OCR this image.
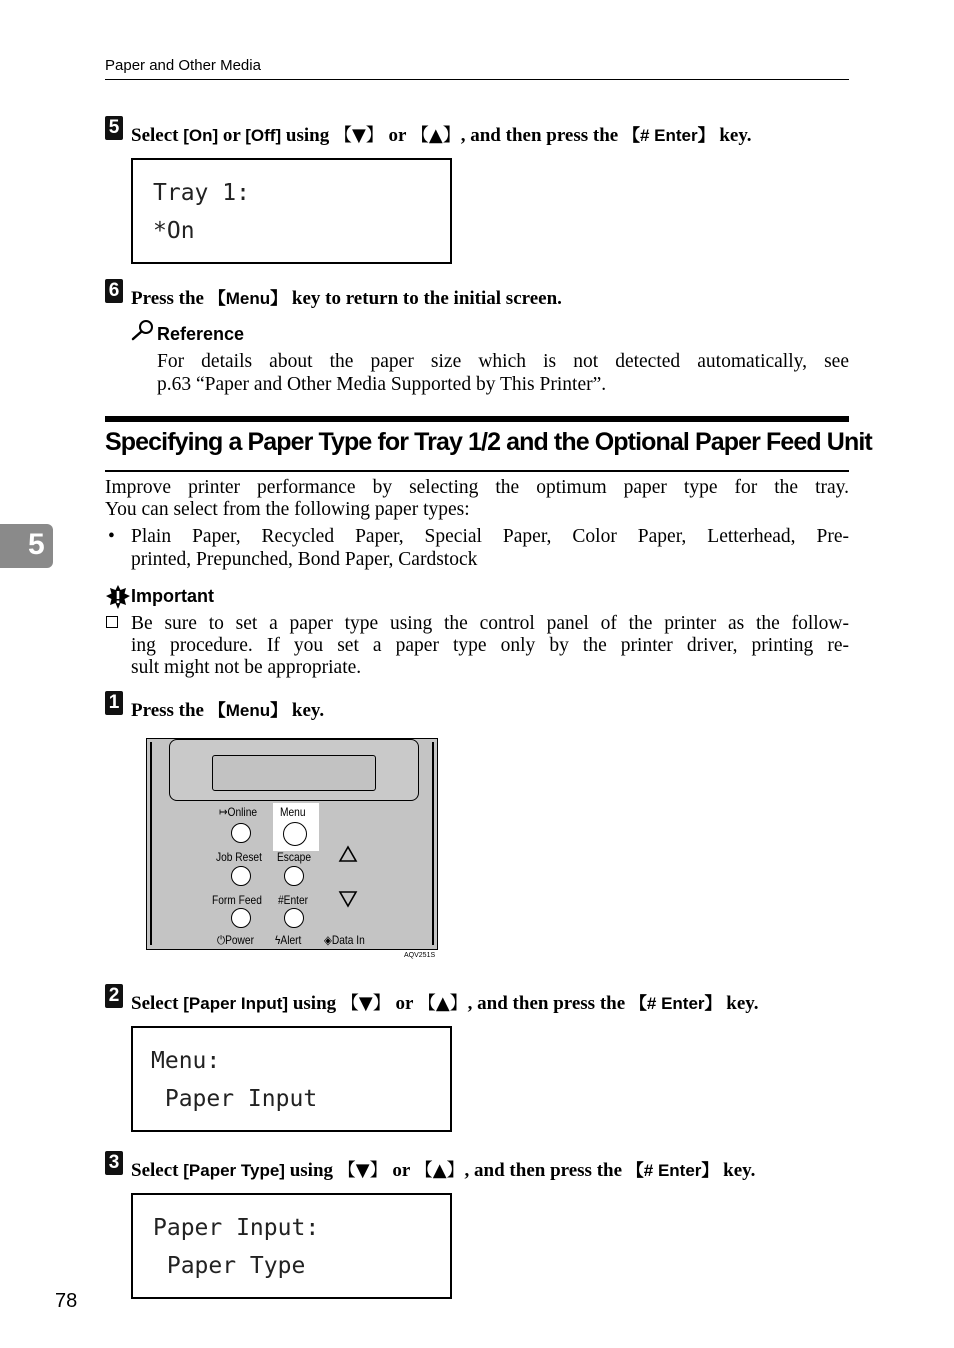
Paper and Other Media
5
5 Select [On] or [Off] using 【▼】 or 【▲】, and then press the 【# Enter】 key.
Tray 1:
*On
6 Press the 【Menu】 key to return to the initial screen.
Reference
For details about the paper size which is not detected automatically, see
p.63 “Paper and Other Media Supported by This Printer”.
Specifying a Paper Type for Tray 1/2 and the Optional Paper Feed Unit
Improve printer performance by selecting the optimum paper type for the tray.
You can select from the following paper types:
• Plain Paper, Recycled Paper, Special Paper, Color Paper, Letterhead, Pre-
printed, Prepunched, Bond Paper, Cardstock
Important
Be sure to set a paper type using the control panel of the printer as the follow-
ing procedure. If you set a paper type only by the printer driver, printing re-
sult might not be appropriate.
1 Press the 【Menu】 key.
↦Online Menu
Job Reset Escape
Form Feed #Enter
⏻Power ϟAlert ◈Data In
AQV251S
2 Select [Paper Input] using 【▼】 or 【▲】, and then press the 【# Enter】 key.
Menu:
Paper Input
3 Select [Paper Type] using 【▼】 or 【▲】, and then press the 【# Enter】 key.
Paper Input:
Paper Type
78
